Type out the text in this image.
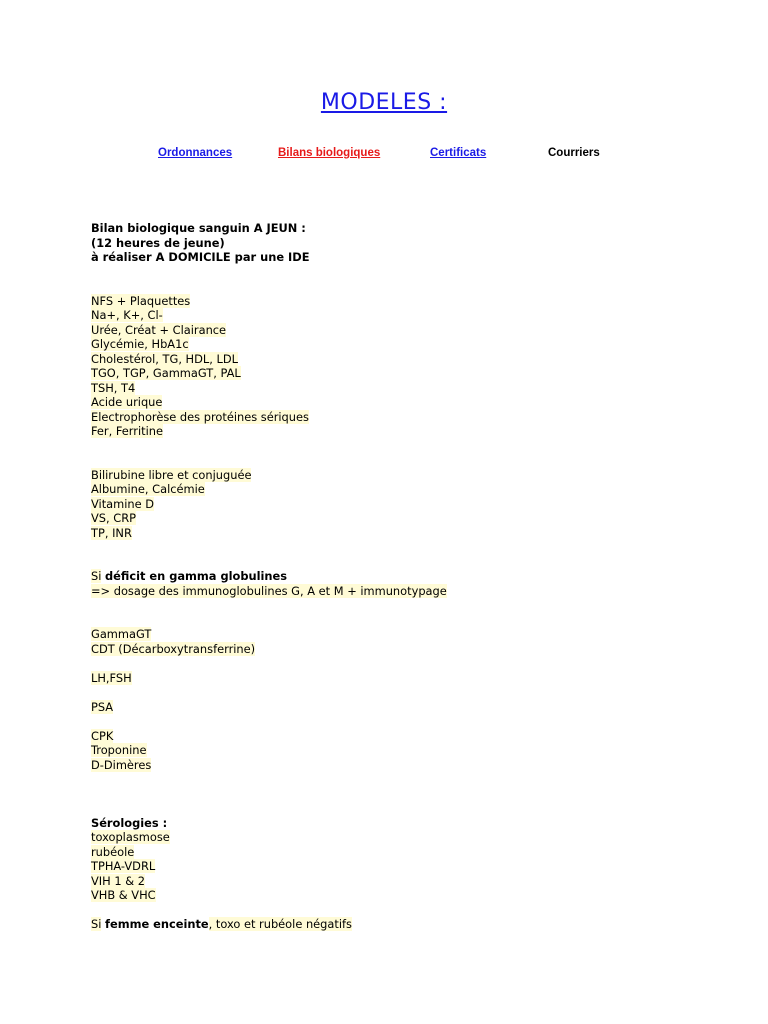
MODELES :
Ordonnances	Bilans biologiques	Certificats	Courriers
Bilan biologique sanguin A JEUN :
(12 heures de jeune)
à réaliser A DOMICILE par une IDE
NFS + Plaquettes
Na+, K+, Cl-
Urée, Créat + Clairance
Glycémie, HbA1c
Cholestérol, TG, HDL, LDL
TGO, TGP, GammaGT, PAL
TSH, T4
Acide urique
Electrophorèse des protéines sériques
Fer, Ferritine
Bilirubine libre et conjuguée
Albumine, Calcémie
Vitamine D
VS, CRP
TP, INR
Si déficit en gamma globulines
=> dosage des immunoglobulines G, A et M + immunotypage
GammaGT
CDT (Décarboxytransferrine)
LH,FSH
PSA
CPK
Troponine
D-Dimères
Sérologies :
toxoplasmose
rubéole
TPHA-VDRL
VIH 1 & 2
VHB & VHC
Si femme enceinte, toxo et rubéole négatifs
